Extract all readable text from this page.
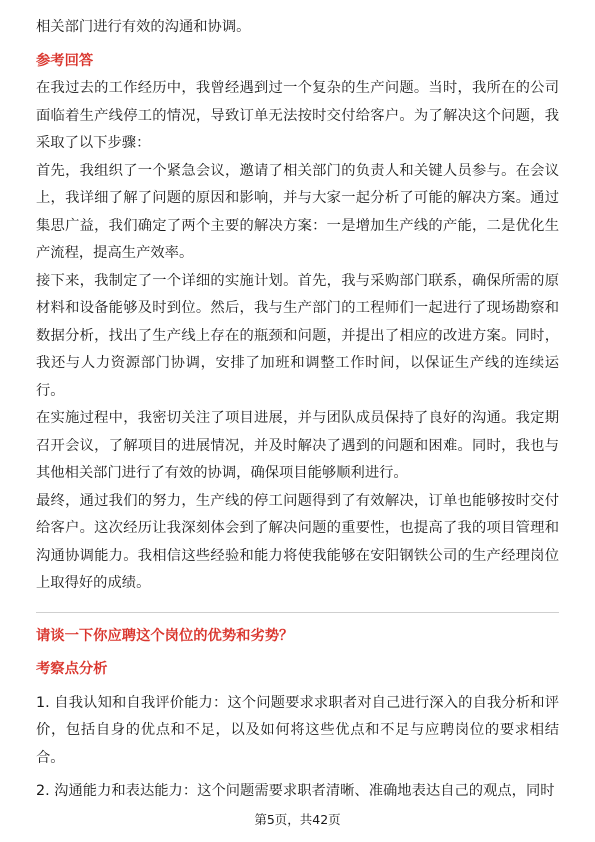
相关部门进行有效的沟通和协调。

参考回答

在我过去的工作经历中，我曾经遇到过一个复杂的生产问题。当时，我所在的公司面临着生产线停工的情况，导致订单无法按时交付给客户。为了解决这个问题，我采取了以下步骤：

首先，我组织了一个紧急会议，邀请了相关部门的负责人和关键人员参与。在会议上，我详细了解了问题的原因和影响，并与大家一起分析了可能的解决方案。通过集思广益，我们确定了两个主要的解决方案：一是增加生产线的产能，二是优化生产流程，提高生产效率。

接下来，我制定了一个详细的实施计划。首先，我与采购部门联系，确保所需的原材料和设备能够及时到位。然后，我与生产部门的工程师们一起进行了现场勘察和数据分析，找出了生产线上存在的瓶颈和问题，并提出了相应的改进方案。同时，我还与人力资源部门协调，安排了加班和调整工作时间，以保证生产线的连续运行。

在实施过程中，我密切关注了项目进展，并与团队成员保持了良好的沟通。我定期召开会议，了解项目的进展情况，并及时解决了遇到的问题和困难。同时，我也与其他相关部门进行了有效的协调，确保项目能够顺利进行。

最终，通过我们的努力，生产线的停工问题得到了有效解决，订单也能够按时交付给客户。这次经历让我深刻体会到了解决问题的重要性，也提高了我的项目管理和沟通协调能力。我相信这些经验和能力将使我能够在安阳钢铁公司的生产经理岗位上取得好的成绩。

请谈一下你应聘这个岗位的优势和劣势？

考察点分析

1. 自我认知和自我评价能力：这个问题要求求职者对自己进行深入的自我分析和评价，包括自身的优点和不足，以及如何将这些优点和不足与应聘岗位的要求相结合。

2. 沟通能力和表达能力：这个问题需要求职者清晰、准确地表达自己的观点，同时

第5页，共42页
